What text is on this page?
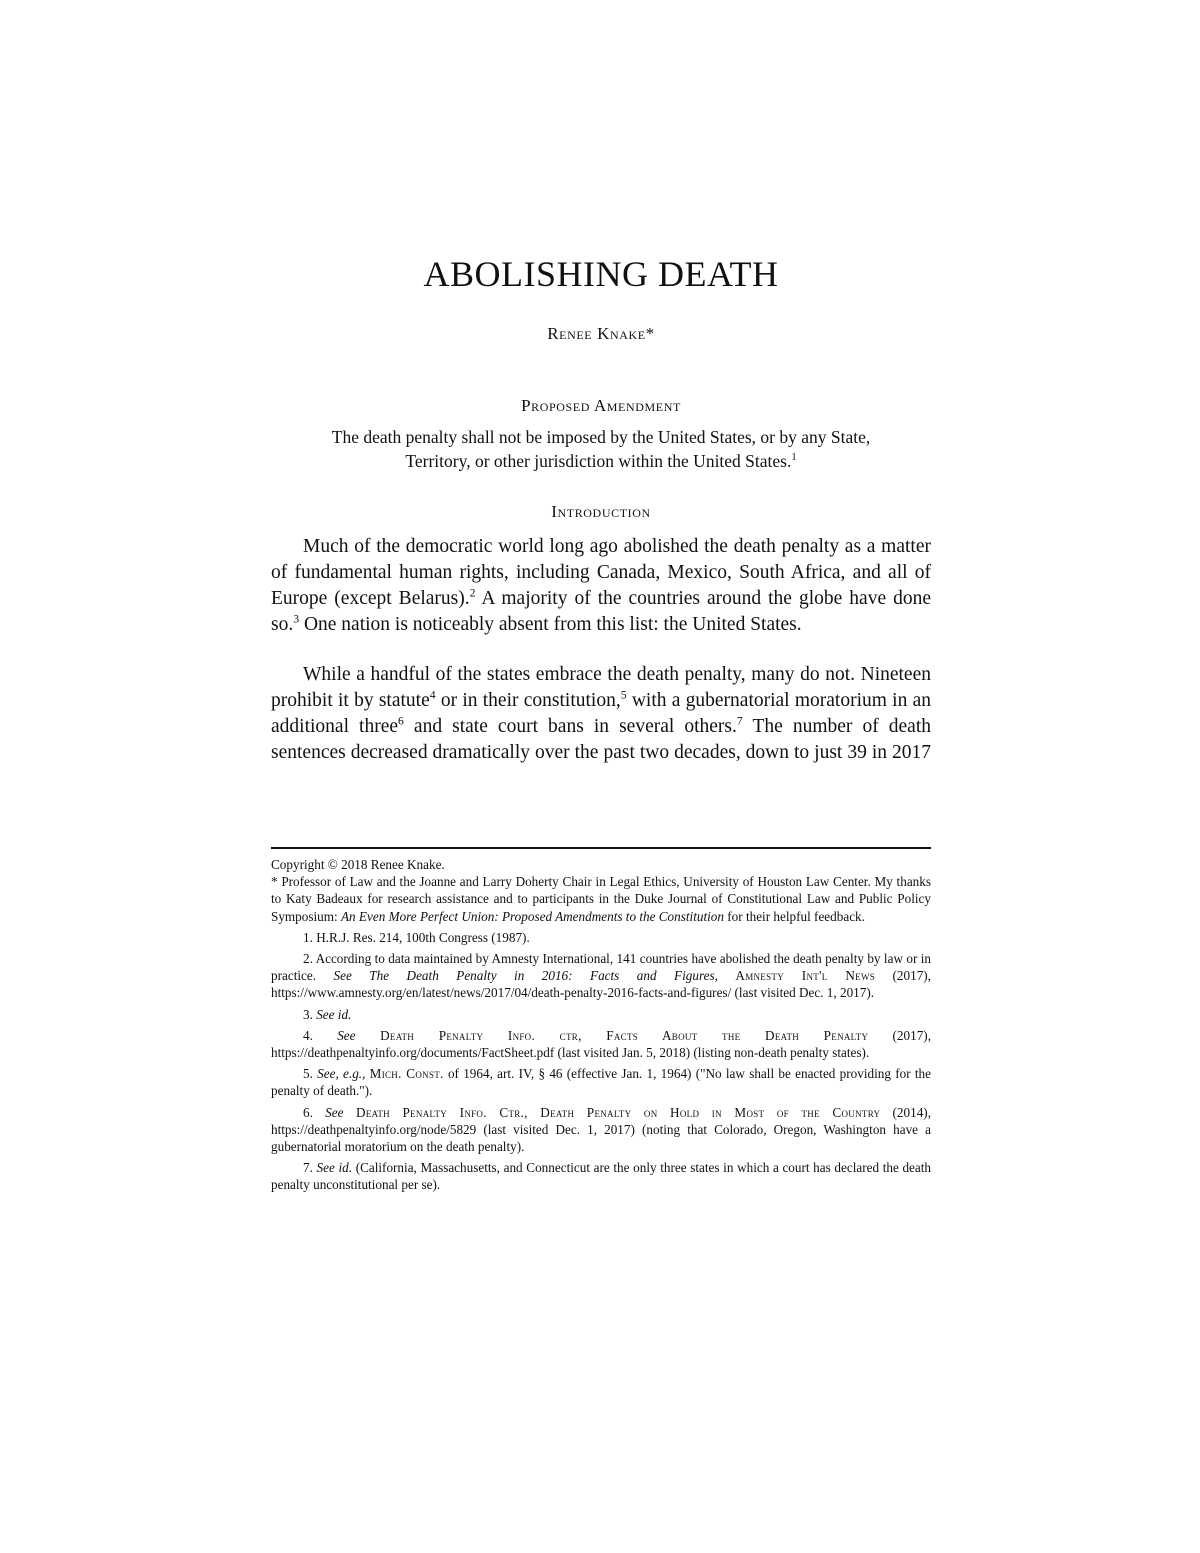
ABOLISHING DEATH
Renee Knake*
Proposed Amendment
The death penalty shall not be imposed by the United States, or by any State, Territory, or other jurisdiction within the United States.$^1$
Introduction

Much of the democratic world long ago abolished the death penalty as a matter of fundamental human rights, including Canada, Mexico, South Africa, and all of Europe (except Belarus).$^2$ A majority of the countries around the globe have done so.$^3$ One nation is noticeably absent from this list: the United States.

While a handful of the states embrace the death penalty, many do not. Nineteen prohibit it by statute$^4$ or in their constitution,$^5$ with a gubernatorial moratorium in an additional three$^6$ and state court bans in several others.$^7$ The number of death sentences decreased dramatically over the past two decades, down to just 39 in 2017

Copyright © 2018 Renee Knake.

* Professor of Law and the Joanne and Larry Doherty Chair in Legal Ethics, University of Houston Law Center. My thanks to Katy Badeaux for research assistance and to participants in the Duke Journal of Constitutional Law and Public Policy Symposium: An Even More Perfect Union: Proposed Amendments to the Constitution for their helpful feedback.

1. H.R.J. Res. 214, 100th Congress (1987).

2. According to data maintained by Amnesty International, 141 countries have abolished the death penalty by law or in practice. See The Death Penalty in 2016: Facts and Figures, Amnesty Int'l News (2017), https://www.amnesty.org/en/latest/news/2017/04/death-penalty-2016-facts-and-figures/ (last visited Dec. 1, 2017).

3. See id.

4. See Death Penalty Info. ctr, Facts About the Death Penalty (2017), https://deathpenaltyinfo.org/documents/FactSheet.pdf (last visited Jan. 5, 2018) (listing non-death penalty states).

5. See, e.g., Mich. Const. of 1964, art. IV, § 46 (effective Jan. 1, 1964) ("No law shall be enacted providing for the penalty of death.").

6. See Death Penalty Info. Ctr., Death Penalty on Hold in Most of the Country (2014), https://deathpenaltyinfo.org/node/5829 (last visited Dec. 1, 2017) (noting that Colorado, Oregon, Washington have a gubernatorial moratorium on the death penalty).

7. See id. (California, Massachusetts, and Connecticut are the only three states in which a court has declared the death penalty unconstitutional per se).
